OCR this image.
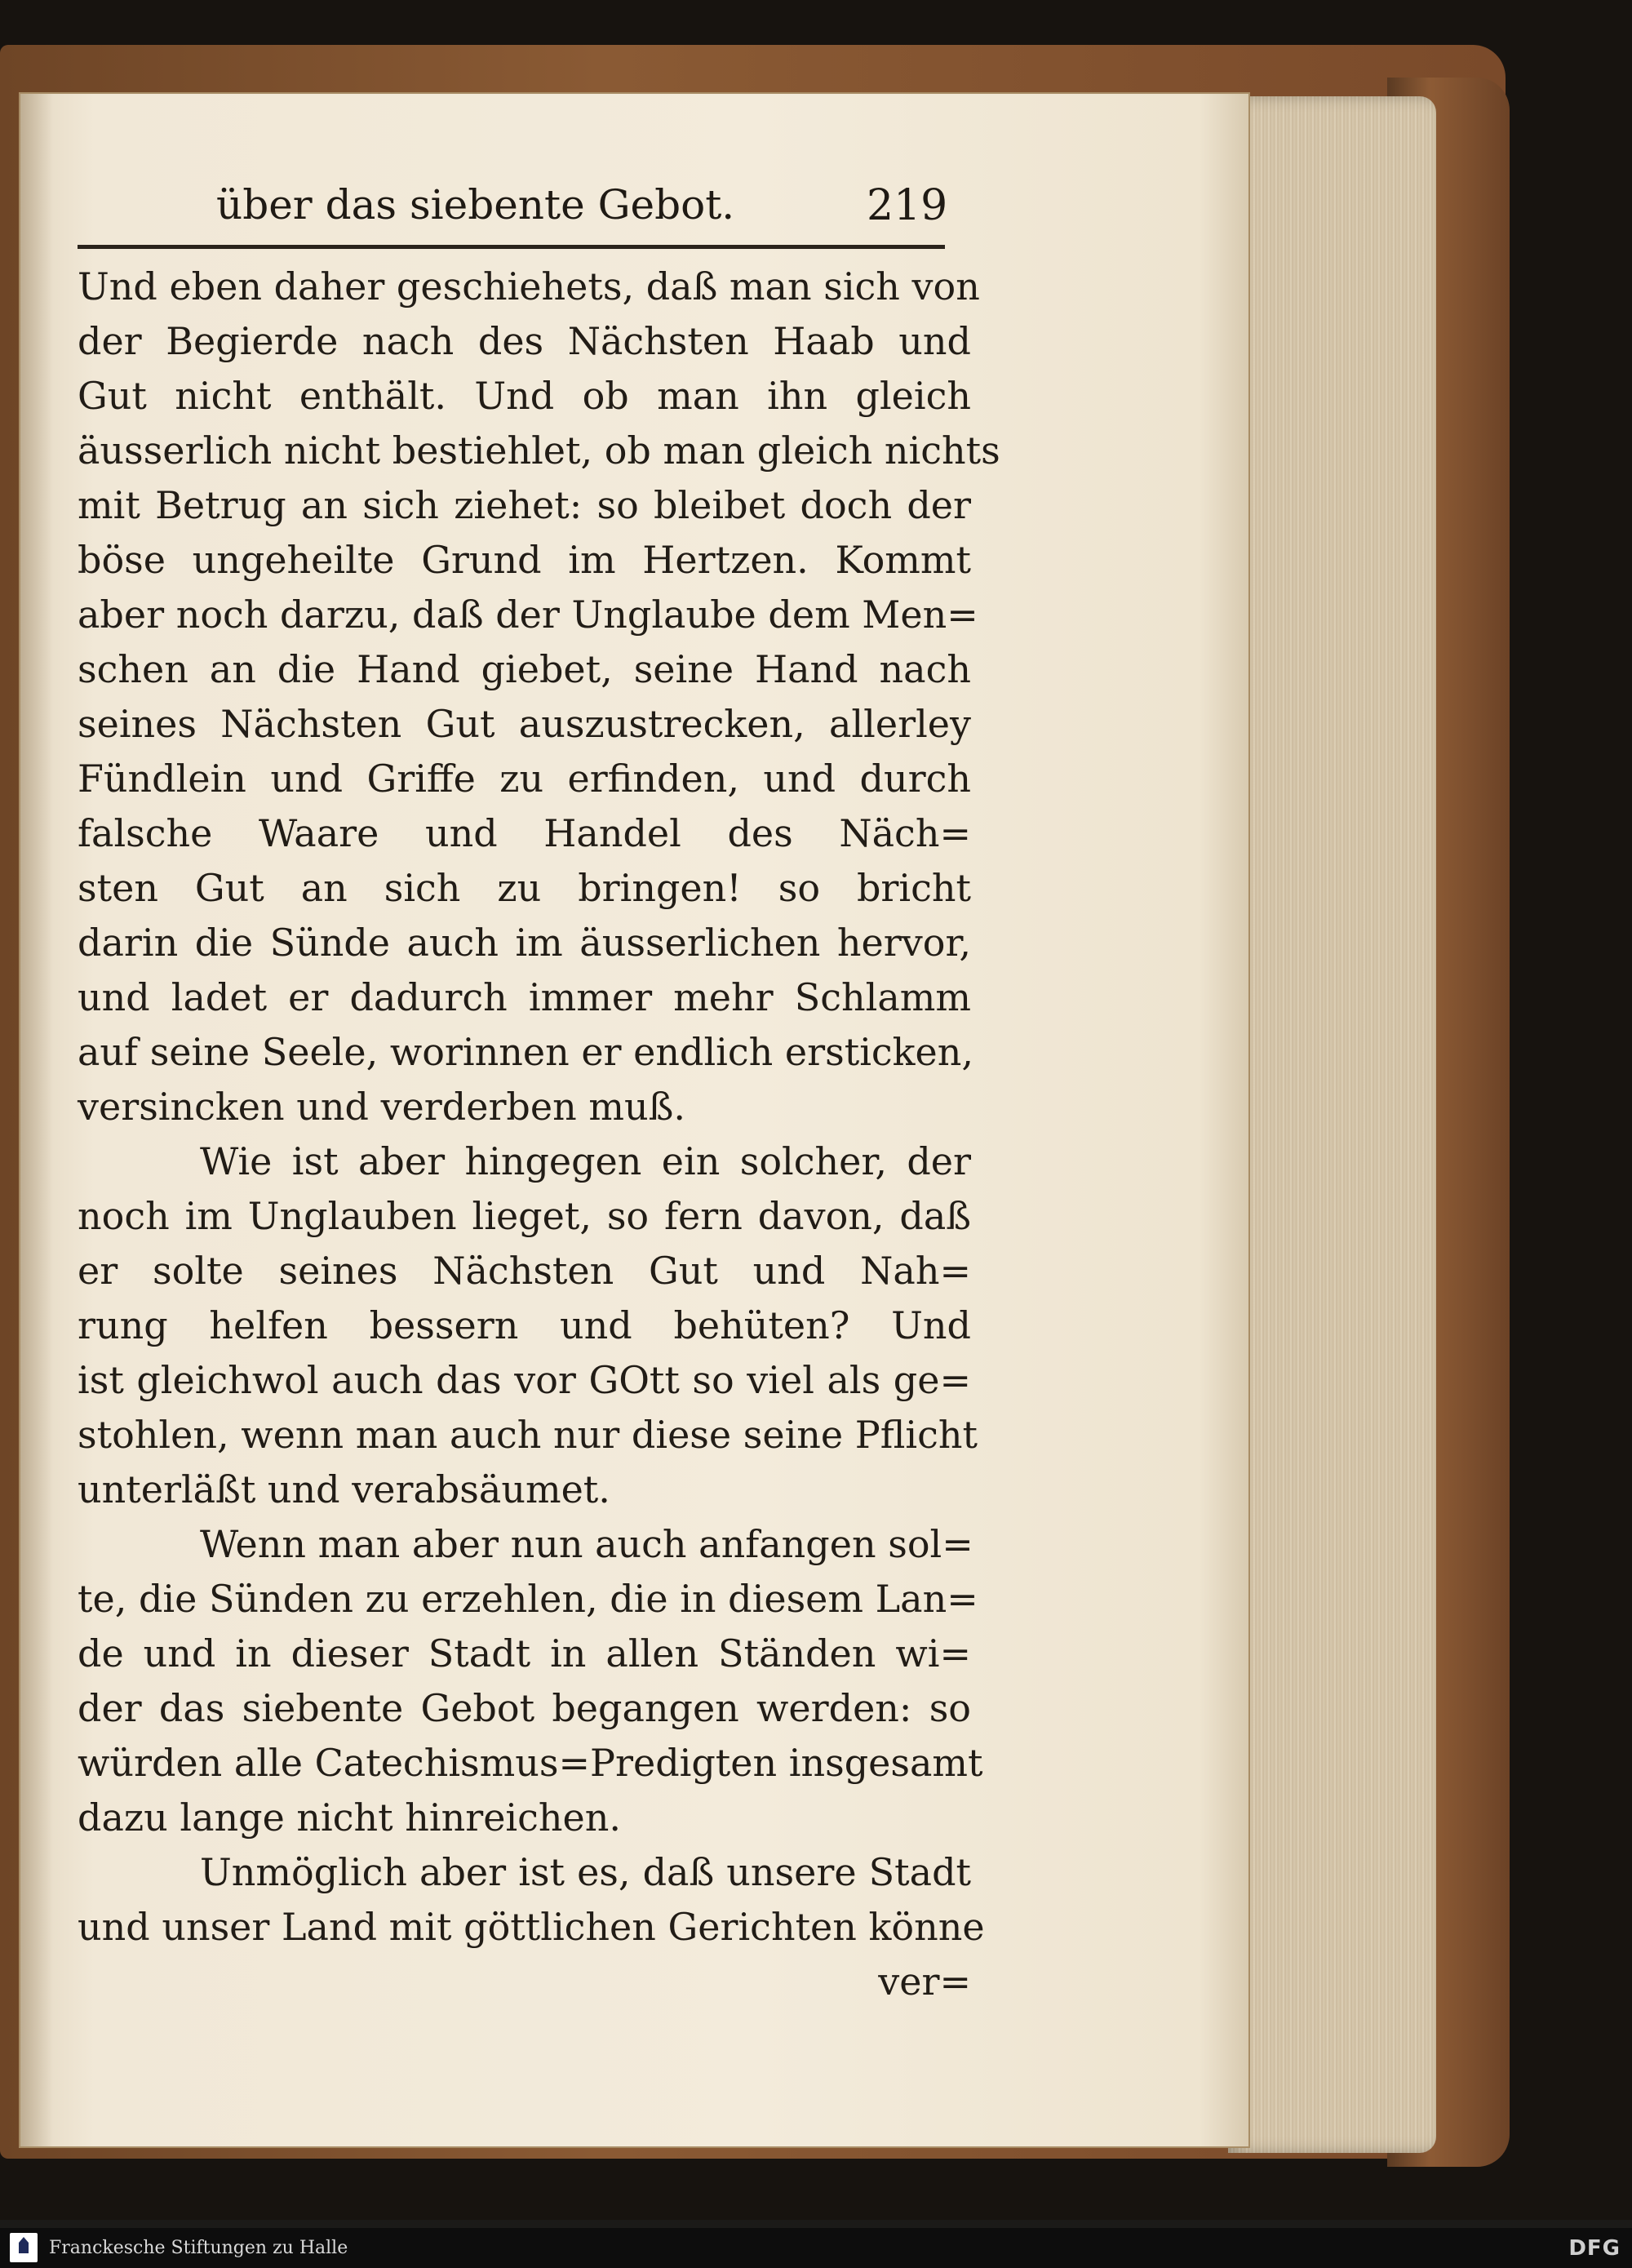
über das siebente Gebot.	219
Und eben daher geschiehets, daß man sich von
der Begierde nach des Nächsten Haab und
Gut nicht enthält. Und ob man ihn gleich
äusserlich nicht bestiehlet, ob man gleich nichts
mit Betrug an sich ziehet: so bleibet doch der
böse ungeheilte Grund im Hertzen. Kommt
aber noch darzu, daß der Unglaube dem Men=
schen an die Hand giebet, seine Hand nach
seines Nächsten Gut auszustrecken, allerley
Fündlein und Griffe zu erfinden, und durch
falsche Waare und Handel des Näch=
sten Gut an sich zu bringen! so bricht
darin die Sünde auch im äusserlichen hervor,
und ladet er dadurch immer mehr Schlamm
auf seine Seele, worinnen er endlich ersticken,
versincken und verderben muß.
Wie ist aber hingegen ein solcher, der
noch im Unglauben lieget, so fern davon, daß
er solte seines Nächsten Gut und Nah=
rung helfen bessern und behüten? Und
ist gleichwol auch das vor GOtt so viel als ge=
stohlen, wenn man auch nur diese seine Pflicht
unterläßt und verabsäumet.
Wenn man aber nun auch anfangen sol=
te, die Sünden zu erzehlen, die in diesem Lan=
de und in dieser Stadt in allen Ständen wi=
der das siebente Gebot begangen werden: so
würden alle Catechismus=Predigten insgesamt
dazu lange nicht hinreichen.
Unmöglich aber ist es, daß unsere Stadt
und unser Land mit göttlichen Gerichten könne
ver=
Franckesche Stiftungen zu Halle	DFG
